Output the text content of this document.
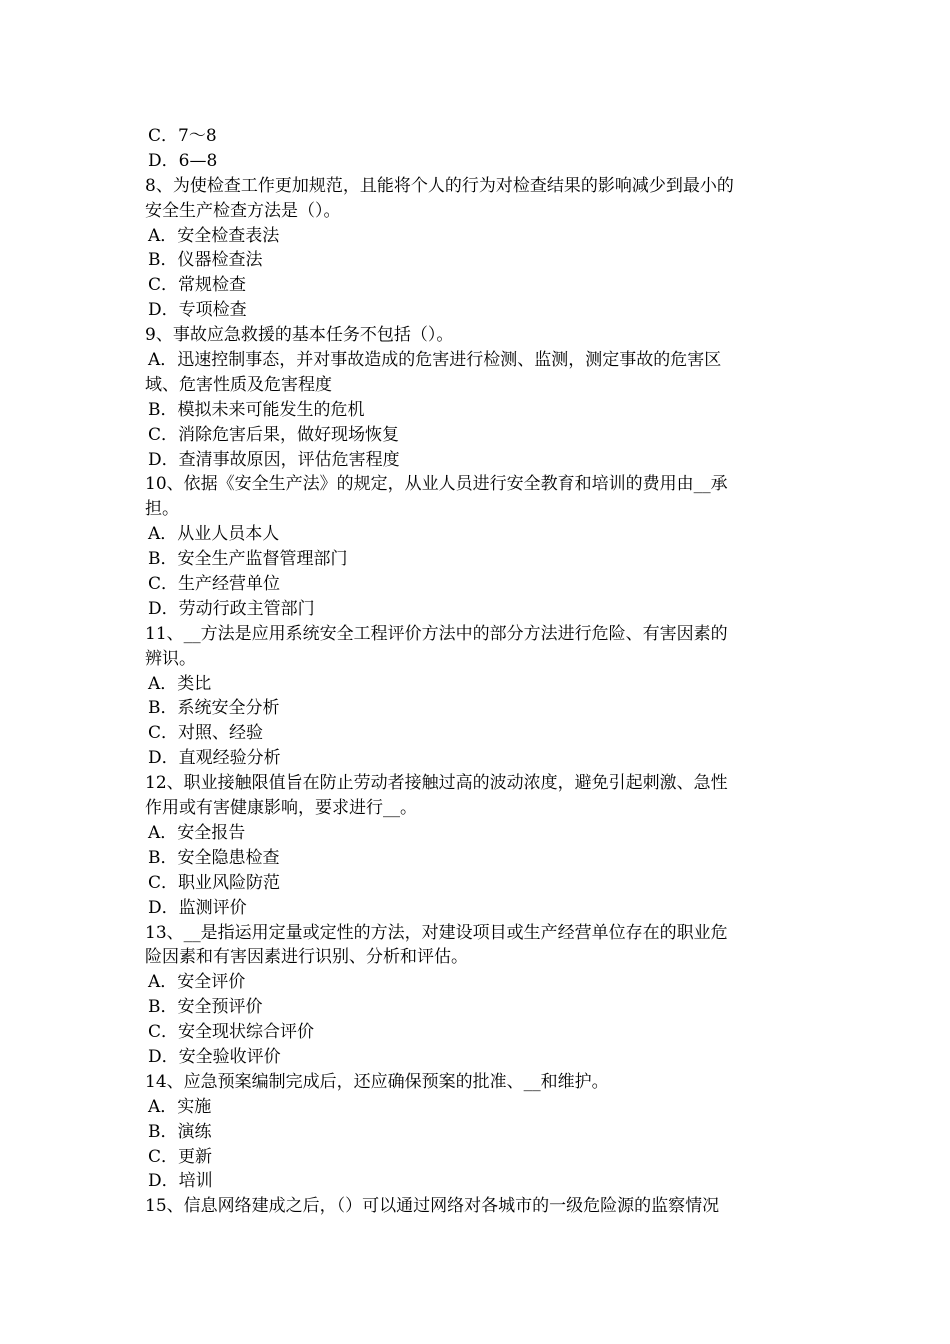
C．7～8
D．6—8
8、为使检查工作更加规范，且能将个人的行为对检查结果的影响减少到最小的
安全生产检查方法是（）。
A．安全检查表法
B．仪器检查法
C．常规检查
D．专项检查
9、事故应急救援的基本任务不包括（）。
A．迅速控制事态，并对事故造成的危害进行检测、监测，测定事故的危害区
域、危害性质及危害程度
B．模拟未来可能发生的危机
C．消除危害后果，做好现场恢复
D．查清事故原因，评估危害程度
10、依据《安全生产法》的规定，从业人员进行安全教育和培训的费用由__承
担。
A．从业人员本人
B．安全生产监督管理部门
C．生产经营单位
D．劳动行政主管部门
11、__方法是应用系统安全工程评价方法中的部分方法进行危险、有害因素的
辨识。
A．类比
B．系统安全分析
C．对照、经验
D．直观经验分析
12、职业接触限值旨在防止劳动者接触过高的波动浓度，避免引起刺激、急性
作用或有害健康影响，要求进行__。
A．安全报告
B．安全隐患检查
C．职业风险防范
D．监测评价
13、__是指运用定量或定性的方法，对建设项目或生产经营单位存在的职业危
险因素和有害因素进行识别、分析和评估。
A．安全评价
B．安全预评价
C．安全现状综合评价
D．安全验收评价
14、应急预案编制完成后，还应确保预案的批准、__和维护。
A．实施
B．演练
C．更新
D．培训
15、信息网络建成之后，（）可以通过网络对各城市的一级危险源的监察情况
